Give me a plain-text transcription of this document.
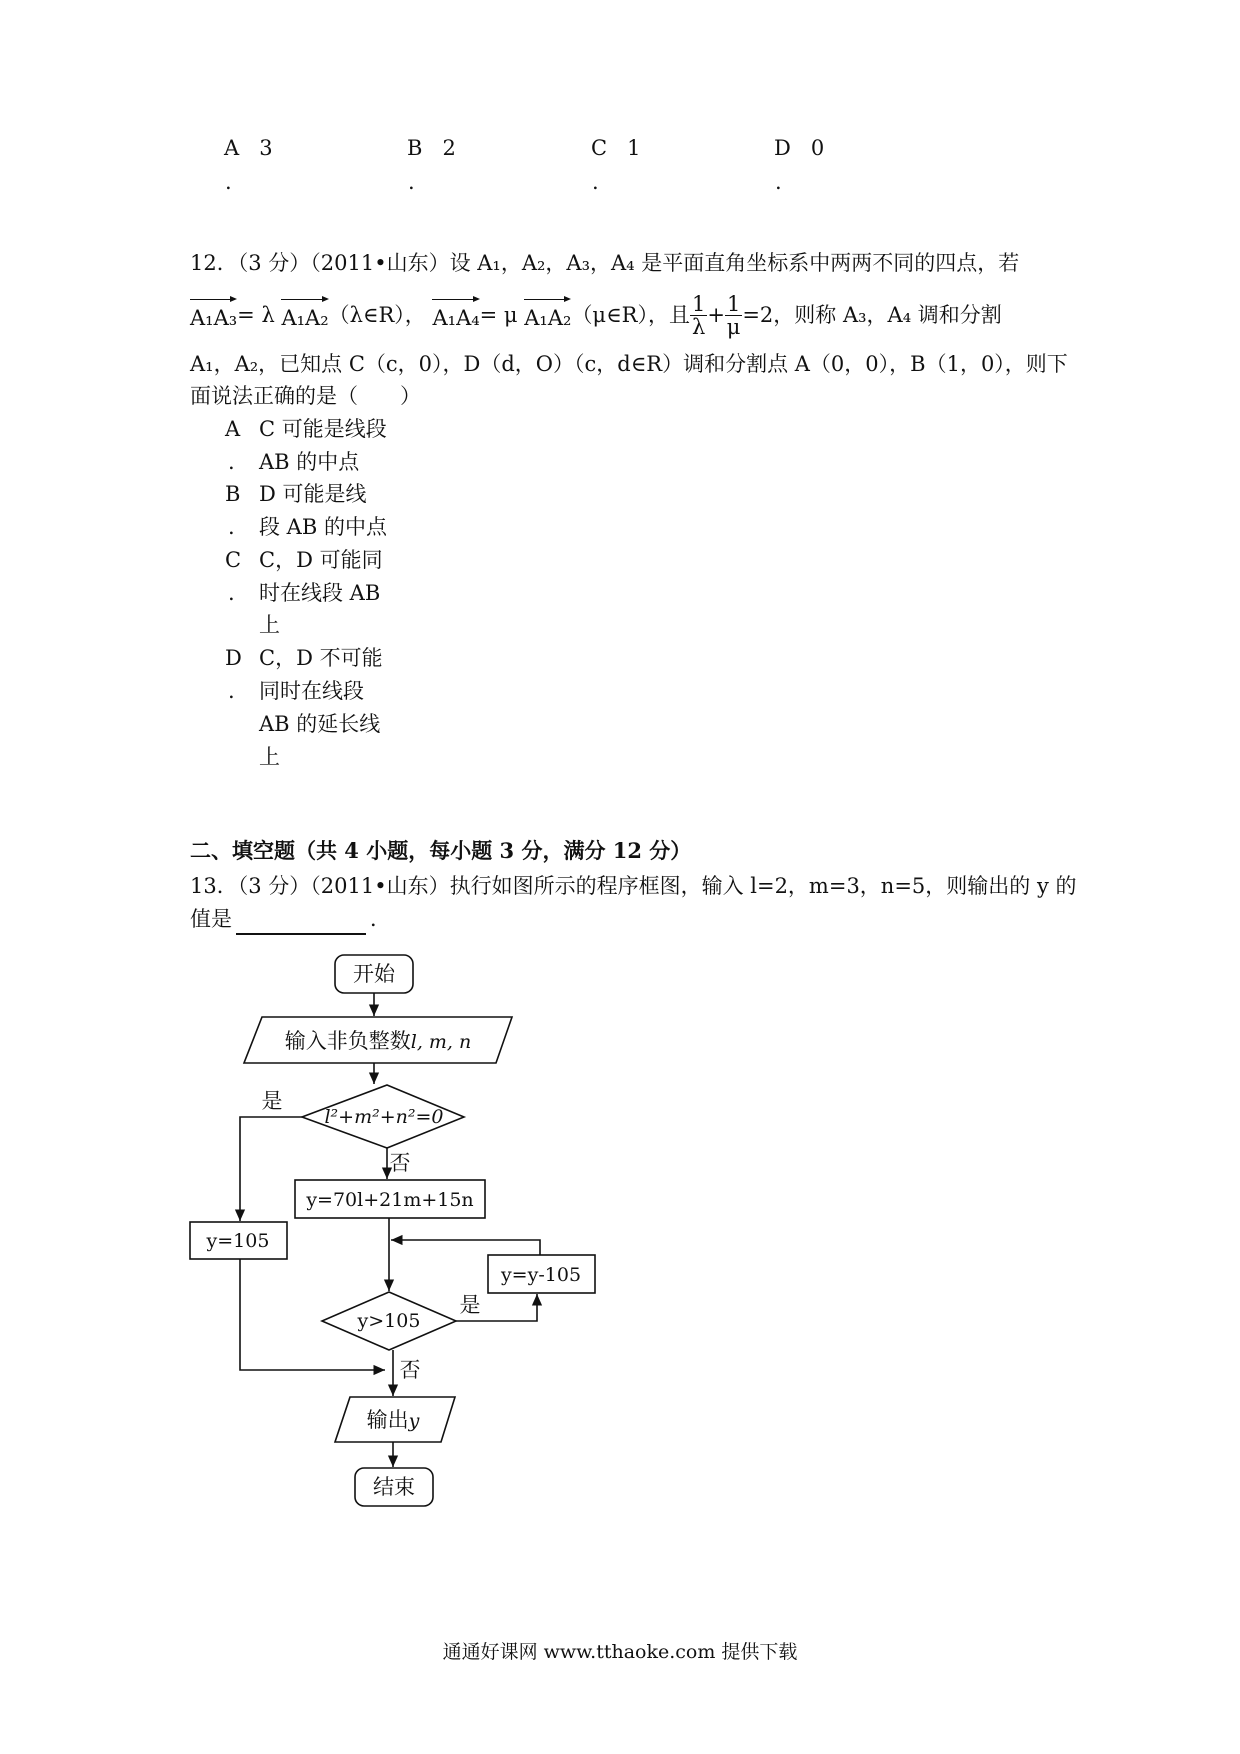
A 3
.
B 2
.
C 1
.
D 0
.
12．（3 分）（2011•山东）设 A₁，A₂，A₃，A₄ 是平面直角坐标系中两两不同的四点，若
A₁A₃ = λ
A₁A₂ （λ∈R），
A₁A₄ = μ
A₁A₂ （μ∈R），且 $\frac{1}{\lambda} + \frac{1}{\mu} =2$，则称 A₃，A₄ 调和分割
A₁，A₂，已知点 C（c，0），D（d，O）（c，d∈R）调和分割点 A（0，0），B（1，0），则下
面说法正确的是（　　）
A
.
C 可能是线段
AB 的中点
B
.
D 可能是线
段 AB 的中点
C
.
C，D 可能同
时在线段 AB
上
D
.
C，D 不可能
同时在线段
AB 的延长线
上
二、填空题（共 4 小题，每小题 3 分，满分 12 分）
13．（3 分）（2011•山东）执行如图所示的程序框图，输入 l=2，m=3，n=5，则输出的 y 的
值是	．
开始
输入非负整数l, m, n
l²+m²+n²=0
是
否
y=70l+21m+15n
y=105
y=y-105
y>105
是
否
输出y
结束
通通好课网 www.tthaoke.com 提供下载
